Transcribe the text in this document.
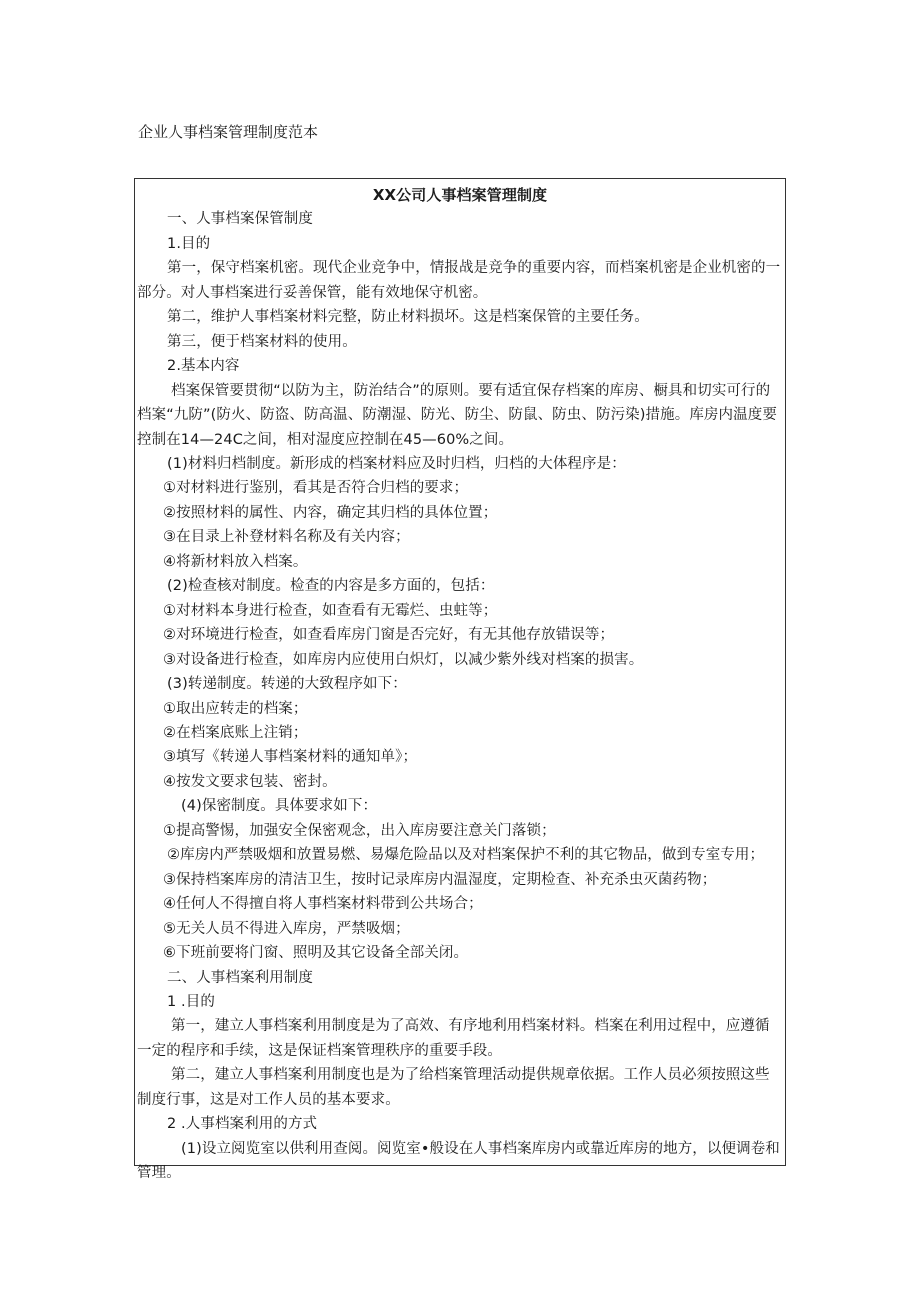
企业人事档案管理制度范本

XX公司人事档案管理制度

一、人事档案保管制度

1.目的

第一，保守档案机密。现代企业竞争中，情报战是竞争的重要内容，而档案机密是企业机密的一部分。对人事档案进行妥善保管，能有效地保守机密。

第二，维护人事档案材料完整，防止材料损坏。这是档案保管的主要任务。

第三，便于档案材料的使用。

2.基本内容

档案保管要贯彻“以防为主，防治结合”的原则。要有适宜保存档案的库房、橱具和切实可行的档案“九防”(防火、防盗、防高温、防潮湿、防光、防尘、防鼠、防虫、防污染)措施。库房内温度要控制在14—24C之间，相对湿度应控制在45—60%之间。

(1)材料归档制度。新形成的档案材料应及时归档，归档的大体程序是：

①对材料进行鉴别，看其是否符合归档的要求；

②按照材料的属性、内容，确定其归档的具体位置；

③在目录上补登材料名称及有关内容；

④将新材料放入档案。

(2)检查核对制度。检查的内容是多方面的，包括：

①对材料本身进行检查，如查看有无霉烂、虫蛀等；

②对环境进行检查，如查看库房门窗是否完好，有无其他存放错误等；

③对设备进行检查，如库房内应使用白炽灯，以减少紫外线对档案的损害。

(3)转递制度。转递的大致程序如下：

①取出应转走的档案；

②在档案底账上注销；

③填写《转递人事档案材料的通知单》；

④按发文要求包装、密封。

(4)保密制度。具体要求如下：

①提高警惕，加强安全保密观念，出入库房要注意关门落锁；

②库房内严禁吸烟和放置易燃、易爆危险品以及对档案保护不利的其它物品，做到专室专用；

③保持档案库房的清洁卫生，按时记录库房内温湿度，定期检查、补充杀虫灭菌药物；

④任何人不得擅自将人事档案材料带到公共场合；

⑤无关人员不得进入库房，严禁吸烟；

⑥下班前要将门窗、照明及其它设备全部关闭。

二、人事档案利用制度

1 .目的

第一，建立人事档案利用制度是为了高效、有序地利用档案材料。档案在利用过程中，应遵循一定的程序和手续，这是保证档案管理秩序的重要手段。

第二，建立人事档案利用制度也是为了给档案管理活动提供规章依据。工作人员必须按照这些制度行事，这是对工作人员的基本要求。

2 .人事档案利用的方式

(1)设立阅览室以供利用查阅。阅览室•般设在人事档案库房内或靠近库房的地方，以便调卷和管理。
